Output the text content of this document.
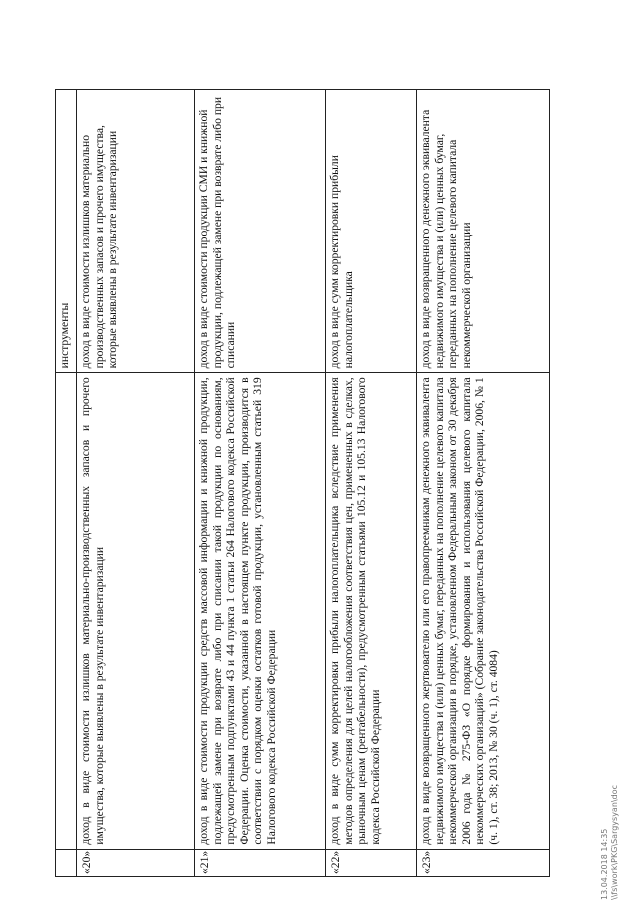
		инструменты
«20»	доход в виде стоимости излишков материально-производственных запасов и прочего имущества, которые выявлены в результате инвентаризации	доход в виде стоимости излишков материально производственных запасов и прочего имущества, которые выявлены в результате инвентаризации
«21»	доход в виде стоимости продукции средств массовой информации и книжной продукции, подлежащей замене при возврате либо при списании такой продукции по основаниям, предусмотренным подпунктами 43 и 44 пункта 1 статьи 264 Налогового кодекса Российской Федерации. Оценка стоимости, указанной в настоящем пункте продукции, производится в соответствии с порядком оценки остатков готовой продукции, установленным статьей 319 Налогового кодекса Российской Федерации	доход в виде стоимости продукции СМИ и книжной продукции, подлежащей замене при возврате либо при списании
«22»	доход в виде сумм корректировки прибыли налогоплательщика вследствие применения методов определения для целей налогообложения соответствия цен, примененных в сделках, рыночным ценам (рентабельности), предусмотренным статьями 105.12 и 105.13 Налогового кодекса Российской Федерации	доход в виде сумм корректировки прибыли налогоплательщика
«23»	доход в виде возвращенного жертвователю или его правопреемникам денежного эквивалента недвижимого имущества и (или) ценных бумаг, переданных на пополнение целевого капитала некоммерческой организации в порядке, установленном Федеральным законом от 30 декабря 2006 года № 275-ФЗ «О порядке формирования и использования целевого капитала некоммерческих организаций» (Собрание законодательства Российской Федерации, 2006, № 1 (ч. 1), ст. 38; 2013, № 30 (ч. 1), ст. 4084)	доход в виде возвращенного денежного эквивалента недвижимого имущества и (или) ценных бумаг, переданных на пополнение целевого капитала некоммерческой организации
13.04.2018 14:35 \\fs\work\PKG\Sargysyan\doc
